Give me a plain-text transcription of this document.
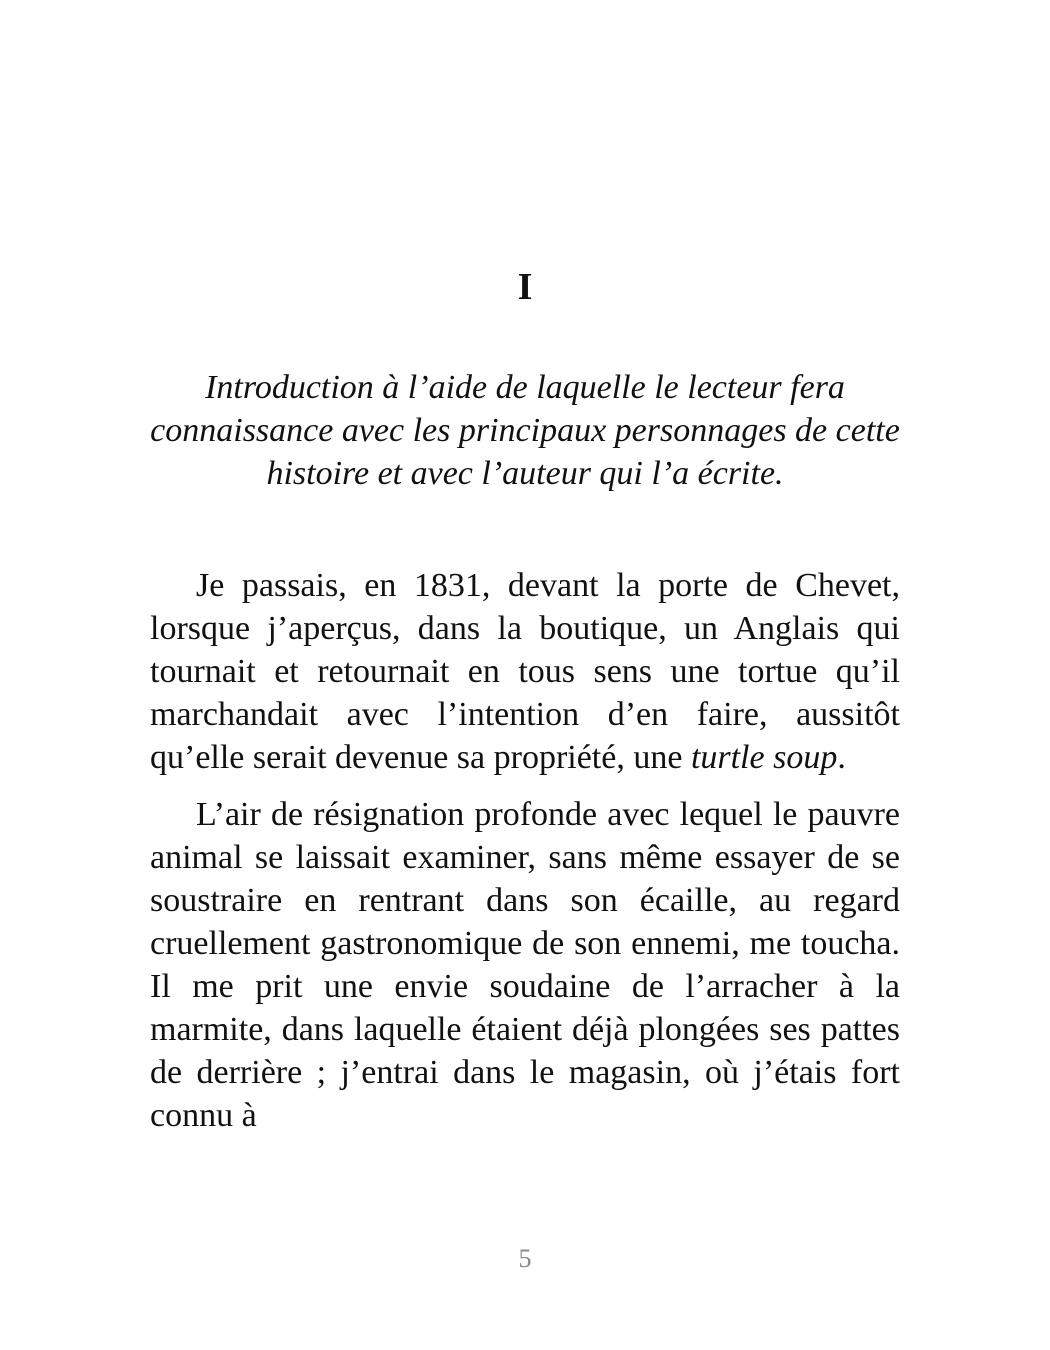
I

Introduction à l’aide de laquelle le lecteur fera connaissance avec les principaux personnages de cette histoire et avec l’auteur qui l’a écrite.

Je passais, en 1831, devant la porte de Chevet, lorsque j’aperçus, dans la boutique, un Anglais qui tournait et retournait en tous sens une tortue qu’il marchandait avec l’intention d’en faire, aussitôt qu’elle serait devenue sa propriété, une turtle soup.

L’air de résignation profonde avec lequel le pauvre animal se laissait examiner, sans même essayer de se soustraire en rentrant dans son écaille, au regard cruellement gastronomique de son ennemi, me toucha. Il me prit une envie soudaine de l’arracher à la marmite, dans laquelle étaient déjà plongées ses pattes de derrière ; j’entrai dans le magasin, où j’étais fort connu à

5
